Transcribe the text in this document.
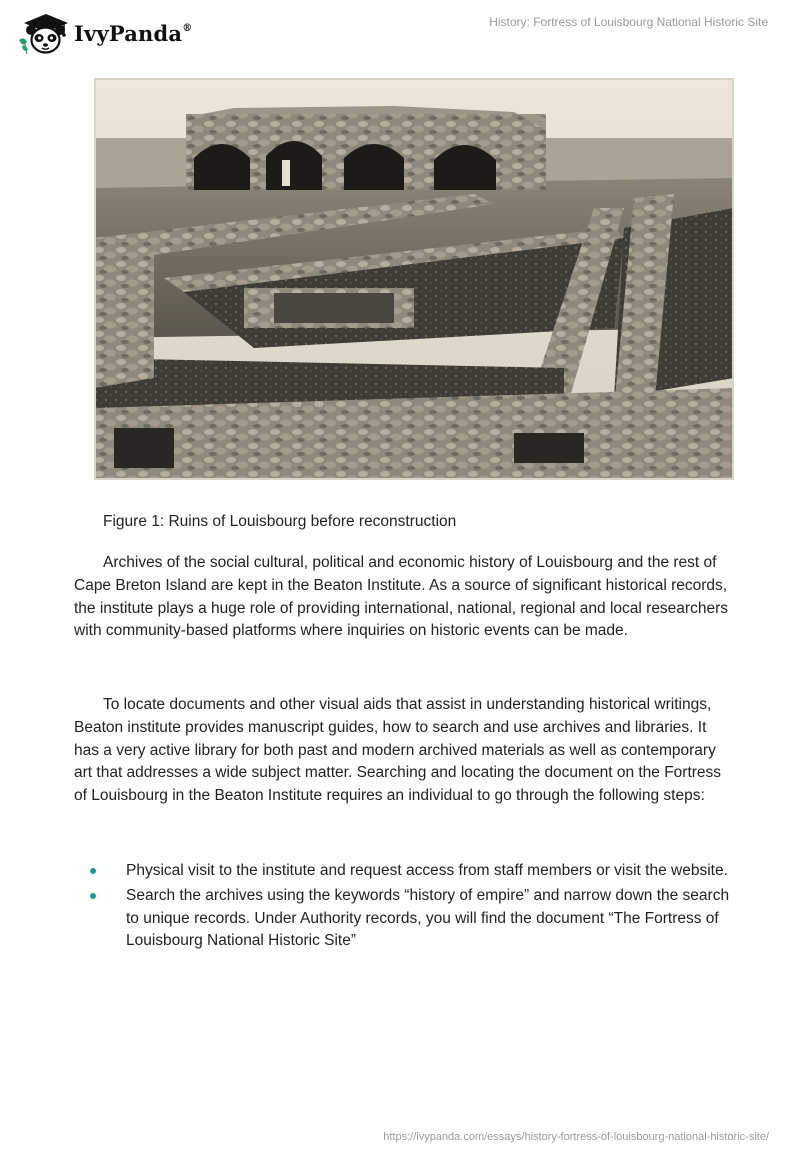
IvyPanda®	History: Fortress of Louisbourg National Historic Site
Figure 1: Ruins of Louisbourg before reconstruction

Archives of the social cultural, political and economic history of Louisbourg and the rest of Cape Breton Island are kept in the Beaton Institute. As a source of significant historical records, the institute plays a huge role of providing international, national, regional and local researchers with community-based platforms where inquiries on historic events can be made.

To locate documents and other visual aids that assist in understanding historical writings, Beaton institute provides manuscript guides, how to search and use archives and libraries. It has a very active library for both past and modern archived materials as well as contemporary art that addresses a wide subject matter. Searching and locating the document on the Fortress of Louisbourg in the Beaton Institute requires an individual to go through the following steps:

Physical visit to the institute and request access from staff members or visit the website.
Search the archives using the keywords “history of empire” and narrow down the search to unique records. Under Authority records, you will find the document “The Fortress of Louisbourg National Historic Site”
https://ivypanda.com/essays/history-fortress-of-louisbourg-national-historic-site/
